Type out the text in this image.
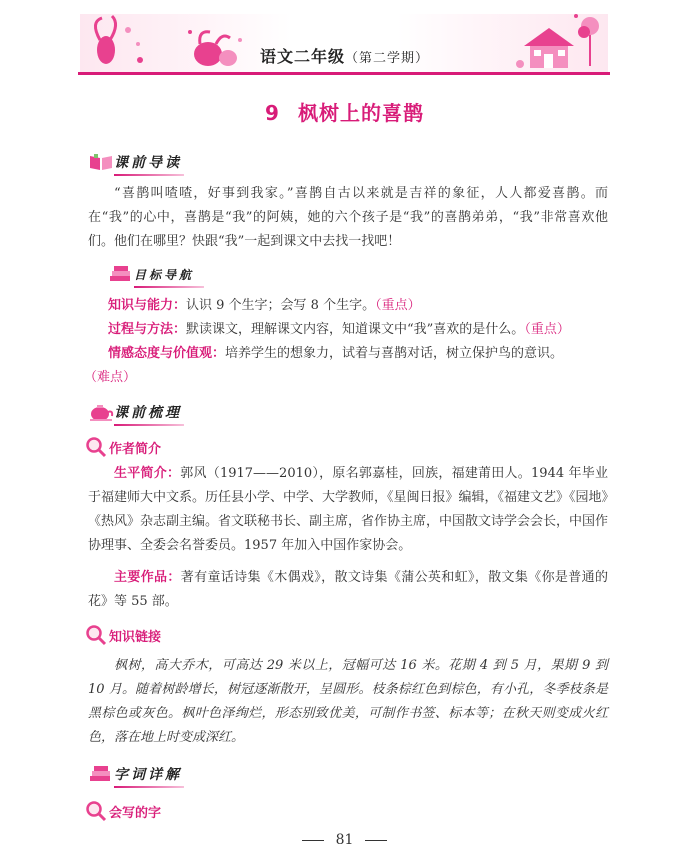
语文二年级（第二学期）
9 枫树上的喜鹊
课前导读
“喜鹊叫喳喳，好事到我家。”喜鹊自古以来就是吉祥的象征，人人都爱喜鹊。而在“我”的心中，喜鹊是“我”的阿姨，她的六个孩子是“我”的喜鹊弟弟，“我”非常喜欢他们。他们在哪里？快跟“我”一起到课文中去找一找吧！
目标导航
知识与能力：认识 9 个生字；会写 8 个生字。（重点）
过程与方法：默读课文，理解课文内容，知道课文中“我”喜欢的是什么。（重点）
情感态度与价值观：培养学生的想象力，试着与喜鹊对话，树立保护鸟的意识。（难点）
课前梳理
作者简介
生平简介：郭风（1917——2010），原名郭嘉桂，回族，福建莆田人。1944 年毕业于福建师大中文系。历任县小学、中学、大学教师，《星闽日报》编辑，《福建文艺》《园地》《热风》杂志副主编。省文联秘书长、副主席，省作协主席，中国散文诗学会会长，中国作协理事、全委会名誉委员。1957 年加入中国作家协会。
主要作品：著有童话诗集《木偶戏》，散文诗集《蒲公英和虹》，散文集《你是普通的花》等 55 部。
知识链接
枫树，高大乔木，可高达 29 米以上，冠幅可达 16 米。花期 4 到 5 月，果期 9 到 10 月。随着树龄增长，树冠逐渐散开，呈圆形。枝条棕红色到棕色，有小孔，冬季枝条是黑棕色或灰色。枫叶色泽绚烂，形态别致优美，可制作书签、标本等；在秋天则变成火红色，落在地上时变成深红。
字词详解
会写的字
81
